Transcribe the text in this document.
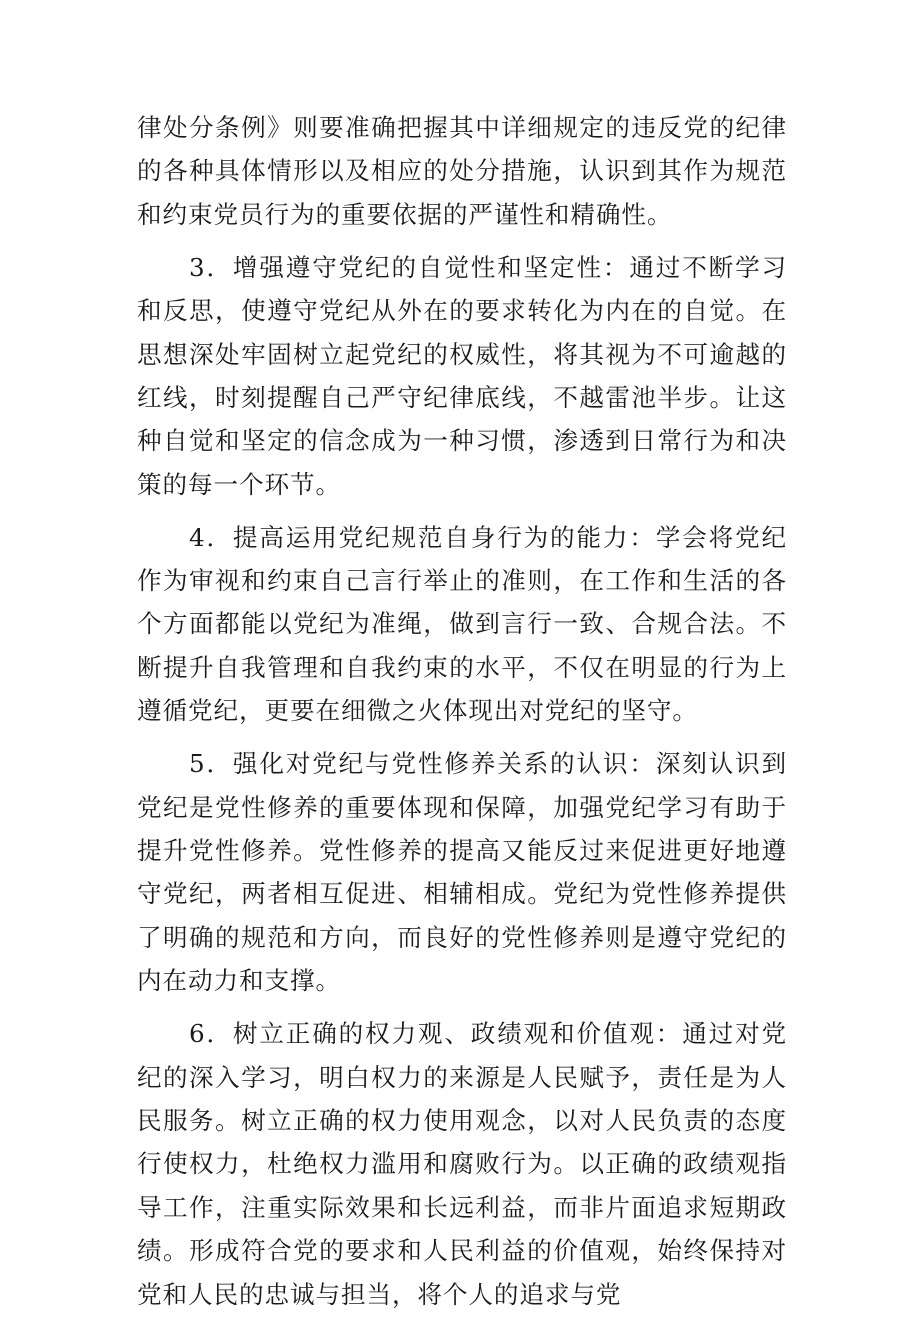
律处分条例》则要准确把握其中详细规定的违反党的纪律的各种具体情形以及相应的处分措施，认识到其作为规范和约束党员行为的重要依据的严谨性和精确性。

3．增强遵守党纪的自觉性和坚定性：通过不断学习和反思，使遵守党纪从外在的要求转化为内在的自觉。在思想深处牢固树立起党纪的权威性，将其视为不可逾越的红线，时刻提醒自己严守纪律底线，不越雷池半步。让这种自觉和坚定的信念成为一种习惯，渗透到日常行为和决策的每一个环节。

4．提高运用党纪规范自身行为的能力：学会将党纪作为审视和约束自己言行举止的准则，在工作和生活的各个方面都能以党纪为准绳，做到言行一致、合规合法。不断提升自我管理和自我约束的水平，不仅在明显的行为上遵循党纪，更要在细微之火体现出对党纪的坚守。

5．强化对党纪与党性修养关系的认识：深刻认识到党纪是党性修养的重要体现和保障，加强党纪学习有助于提升党性修养。党性修养的提高又能反过来促进更好地遵守党纪，两者相互促进、相辅相成。党纪为党性修养提供了明确的规范和方向，而良好的党性修养则是遵守党纪的内在动力和支撑。

6．树立正确的权力观、政绩观和价值观：通过对党纪的深入学习，明白权力的来源是人民赋予，责任是为人民服务。树立正确的权力使用观念，以对人民负责的态度行使权力，杜绝权力滥用和腐败行为。以正确的政绩观指导工作，注重实际效果和长远利益，而非片面追求短期政绩。形成符合党的要求和人民利益的价值观，始终保持对党和人民的忠诚与担当，将个人的追求与党
